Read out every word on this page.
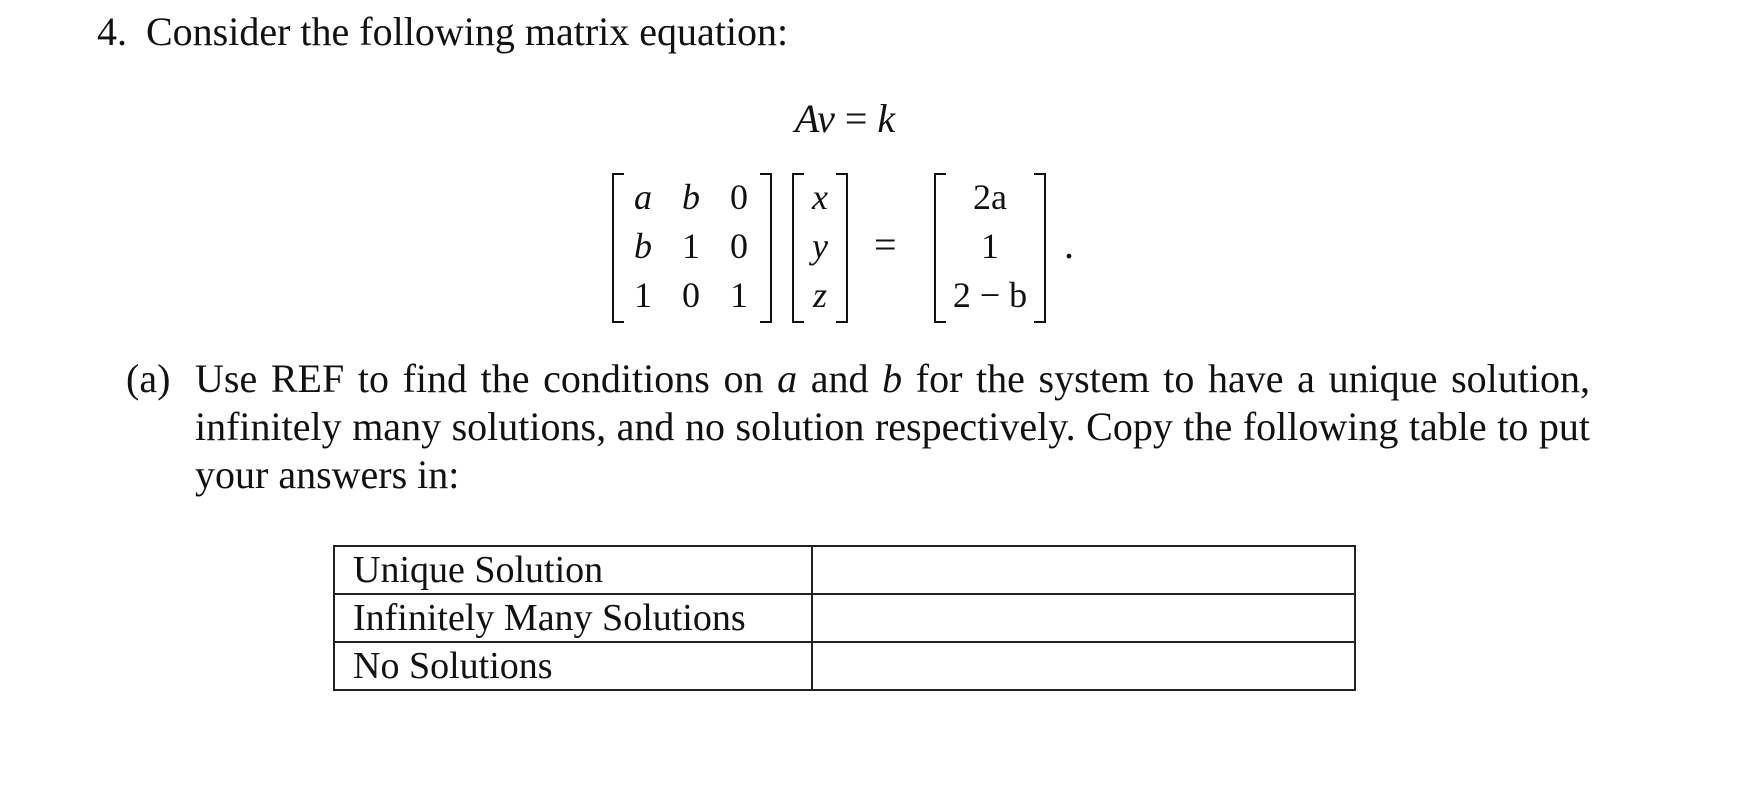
4. Consider the following matrix equation:
Av = k
a b 0
b 1 0
1 0 1
x
y
z
=
2a
1
2 − b
.
(a) Use REF to find the conditions on a and b for the system to have a unique solution, infinitely many solutions, and no solution respectively. Copy the following table to put your answers in:
Unique Solution	
Infinitely Many Solutions	
No Solutions	
